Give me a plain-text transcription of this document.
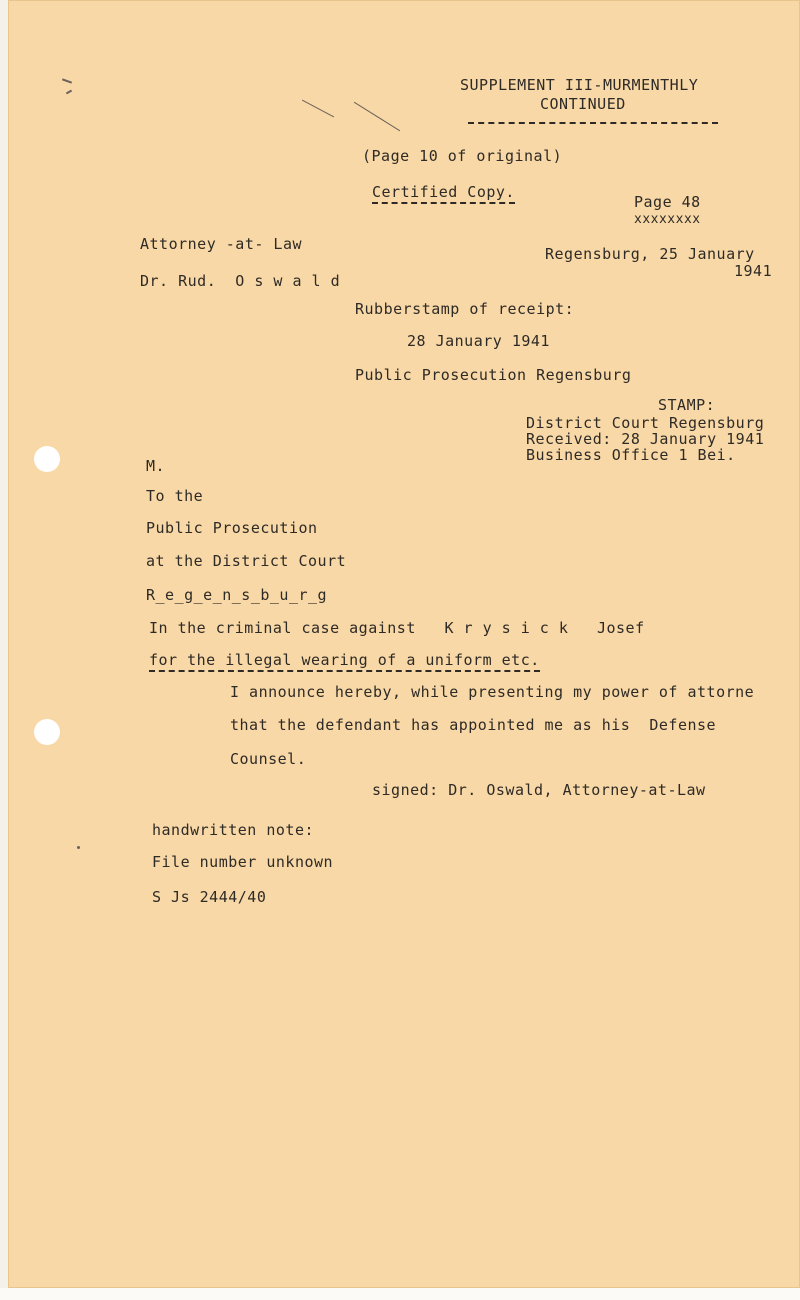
SUPPLEMENT III-MURMENTHLY
CONTINUED
(Page 10 of original)
Certified Copy.
Page 48
xxxxxxxx
Attorney -at- Law
Dr. Rud.  O s w a l d
Regensburg, 25 January
1941
Rubberstamp of receipt:
28 January 1941
Public Prosecution Regensburg
STAMP:
District Court Regensburg
Received: 28 January 1941
Business Office 1 Bei.
M.
To the
Public Prosecution
at the District Court
R_e_g_e_n_s_b_u_r_g
In the criminal case against   K r y s i c k   Josef
for the illegal wearing of a uniform etc.
I announce hereby, while presenting my power of attorne
that the defendant has appointed me as his  Defense
Counsel.
signed: Dr. Oswald, Attorney-at-Law
handwritten note:
File number unknown
S Js 2444/40
